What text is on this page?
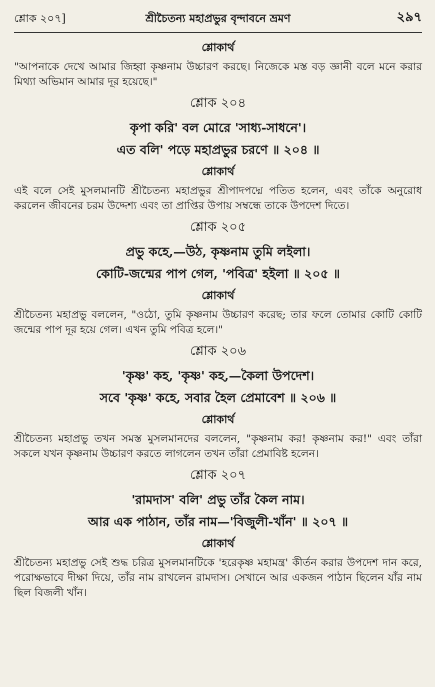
শ্লোক ২০৭]	শ্রীচৈতন্য মহাপ্রভুর বৃন্দাবনে ভ্রমণ	২৯৭
শ্লোকার্থ
"আপনাকে দেখে আমার জিহ্বা কৃষ্ণনাম উচ্চারণ করছে। নিজেকে মস্ত বড় জ্ঞানী বলে মনে করার মিথ্যা অভিমান আমার দূর হয়েছে।"
শ্লোক ২০৪
কৃপা করি' বল মোরে 'সাধ্য-সাধনে'।
এত বলি' পড়ে মহাপ্রভুর চরণে ॥ ২০৪ ॥
শ্লোকার্থ
এই বলে সেই মুসলমানটি শ্রীচৈতন্য মহাপ্রভুর শ্রীপাদপদ্মে পতিত হলেন, এবং তাঁকে অনুরোধ করলেন জীবনের চরম উদ্দেশ্য এবং তা প্রাপ্তির উপায় সম্বন্ধে তাকে উপদেশ দিতে।
শ্লোক ২০৫
প্রভু কহে,—উঠ, কৃষ্ণনাম তুমি লইলা।
কোটি-জন্মের পাপ গেল, 'পবিত্র' হইলা ॥ ২০৫ ॥
শ্লোকার্থ
শ্রীচৈতন্য মহাপ্রভু বললেন, "ওঠো, তুমি কৃষ্ণনাম উচ্চারণ করেছ; তার ফলে তোমার কোটি কোটি জন্মের পাপ দূর হয়ে গেল। এখন তুমি পবিত্র হলে।"
শ্লোক ২০৬
'কৃষ্ণ' কহ, 'কৃষ্ণ' কহ,—কৈলা উপদেশ।
সবে 'কৃষ্ণ' কহে, সবার হৈল প্রেমাবেশ ॥ ২০৬ ॥
শ্লোকার্থ
শ্রীচৈতন্য মহাপ্রভু তখন সমস্ত মুসলমানদের বললেন, "কৃষ্ণনাম কর! কৃষ্ণনাম কর!" এবং তাঁরা সকলে যখন কৃষ্ণনাম উচ্চারণ করতে লাগলেন তখন তাঁরা প্রেমাবিষ্ট হলেন।
শ্লোক ২০৭
'রামদাস' বলি' প্রভু তাঁর কৈল নাম।
আর এক পাঠান, তাঁর নাম—'বিজুলী-খাঁন' ॥ ২০৭ ॥
শ্লোকার্থ
শ্রীচৈতন্য মহাপ্রভু সেই শুদ্ধ চরিত্র মুসলমানটিকে 'হরেকৃষ্ণ মহামন্ত্র' কীর্তন করার উপদেশ দান করে, পরোক্ষভাবে দীক্ষা দিয়ে, তাঁর নাম রাখলেন রামদাস। সেখানে আর একজন পাঠান ছিলেন যাঁর নাম ছিল বিজলী খাঁন।
